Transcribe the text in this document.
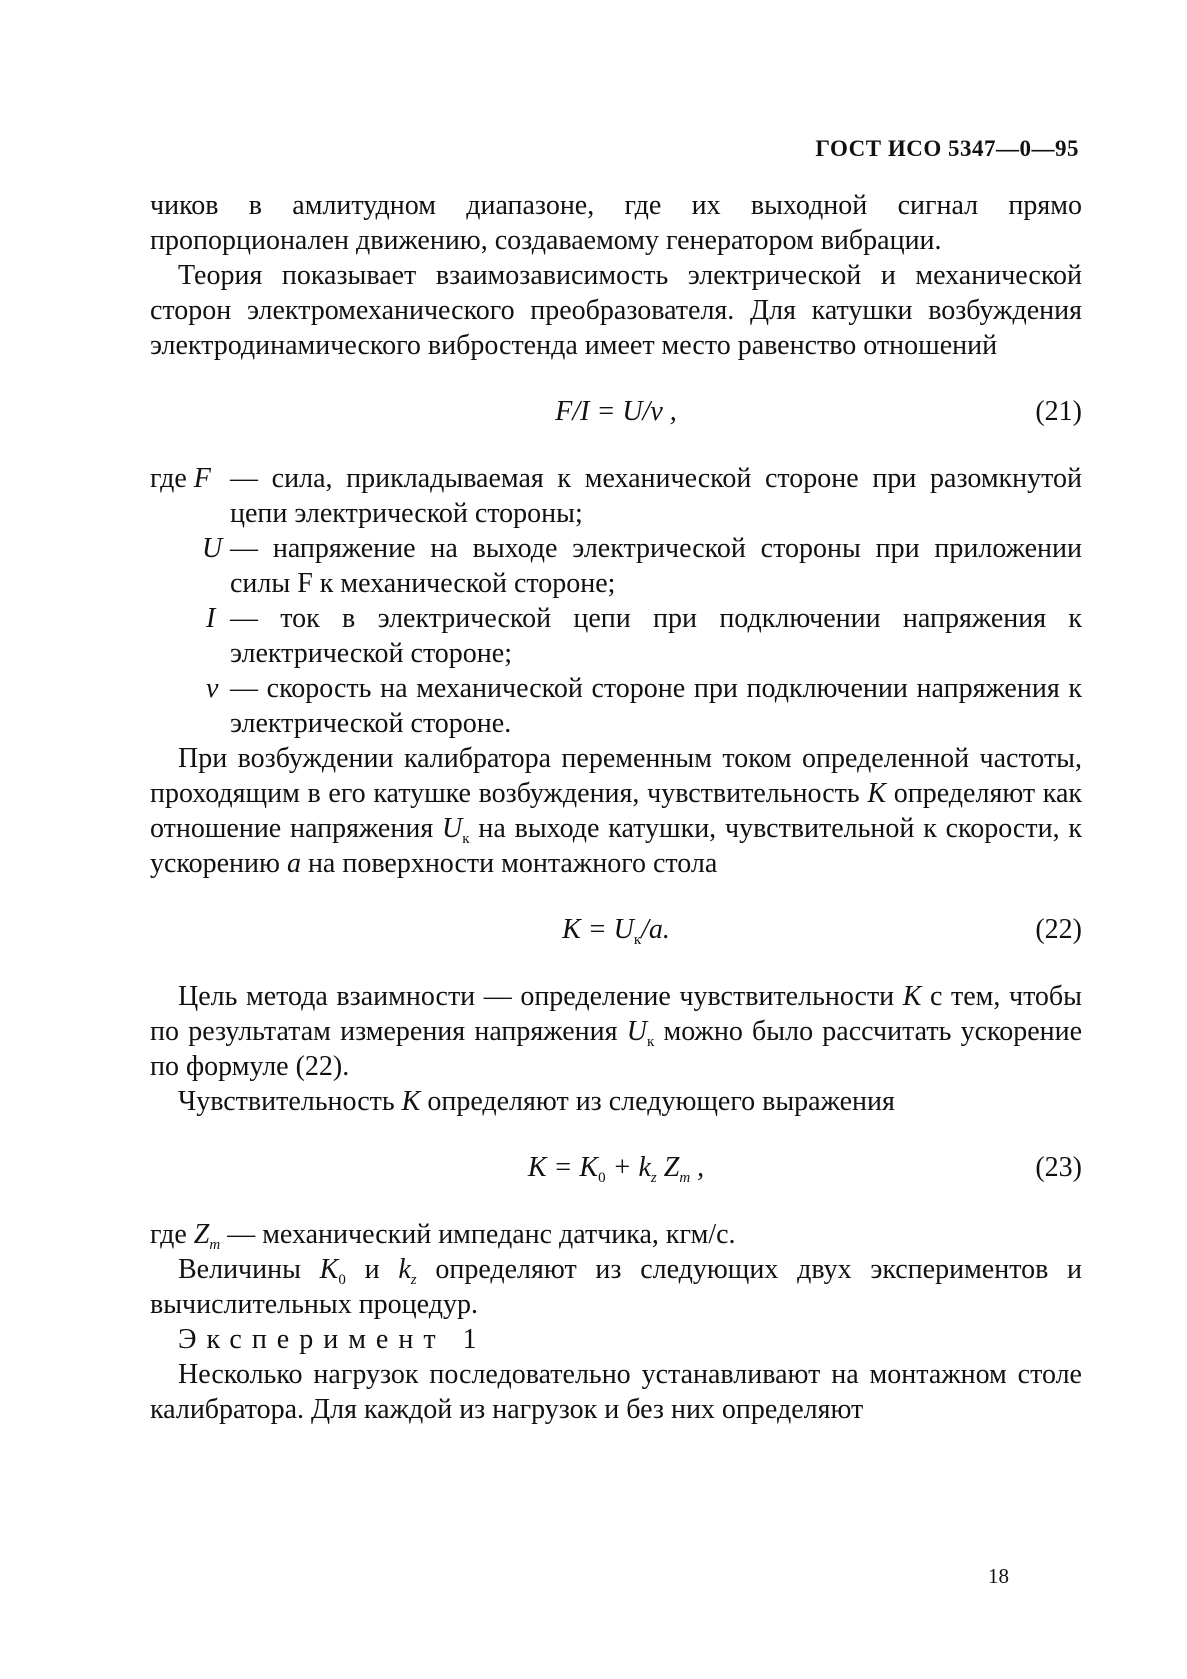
ГОСТ ИСО 5347—0—95

чиков в амлитудном диапазоне, где их выходной сигнал прямо пропорционален движению, создаваемому генератором вибрации.

Теория показывает взаимозависимость электрической и механической сторон электромеханического преобразователя. Для катушки возбуждения электродинамического вибростенда имеет место равенство отношений

F/I = U/v ,	(21)
где F — сила, прикладываемая к механической стороне при разомкнутой цепи электрической стороны;

U — напряжение на выходе электрической стороны при приложении силы F к механической стороне;

I — ток в электрической цепи при подключении напряжения к электрической стороне;

v — скорость на механической стороне при подключении напряжения к электрической стороне.

При возбуждении калибратора переменным током определенной частоты, проходящим в его катушке возбуждения, чувствительность K определяют как отношение напряжения $U_к$ на выходе катушки, чувствительной к скорости, к ускорению a на поверхности монтажного стола

$K = U_к/a$.	(22)

Цель метода взаимности — определение чувствительности K с тем, чтобы по результатам измерения напряжения $U_к$ можно было рассчитать ускорение по формуле (22).

Чувствительность K определяют из следующего выражения

$K = K_0 + k_z$ $Z_m$ ,	(23)

где $Z_m$ — механический импеданс датчика, кгм/с.

Величины $K_0$ и $k_z$ определяют из следующих двух экспериментов и вычислительных процедур.

Эксперимент 1

Несколько нагрузок последовательно устанавливают на монтажном столе калибратора. Для каждой из нагрузок и без них определяют

18
